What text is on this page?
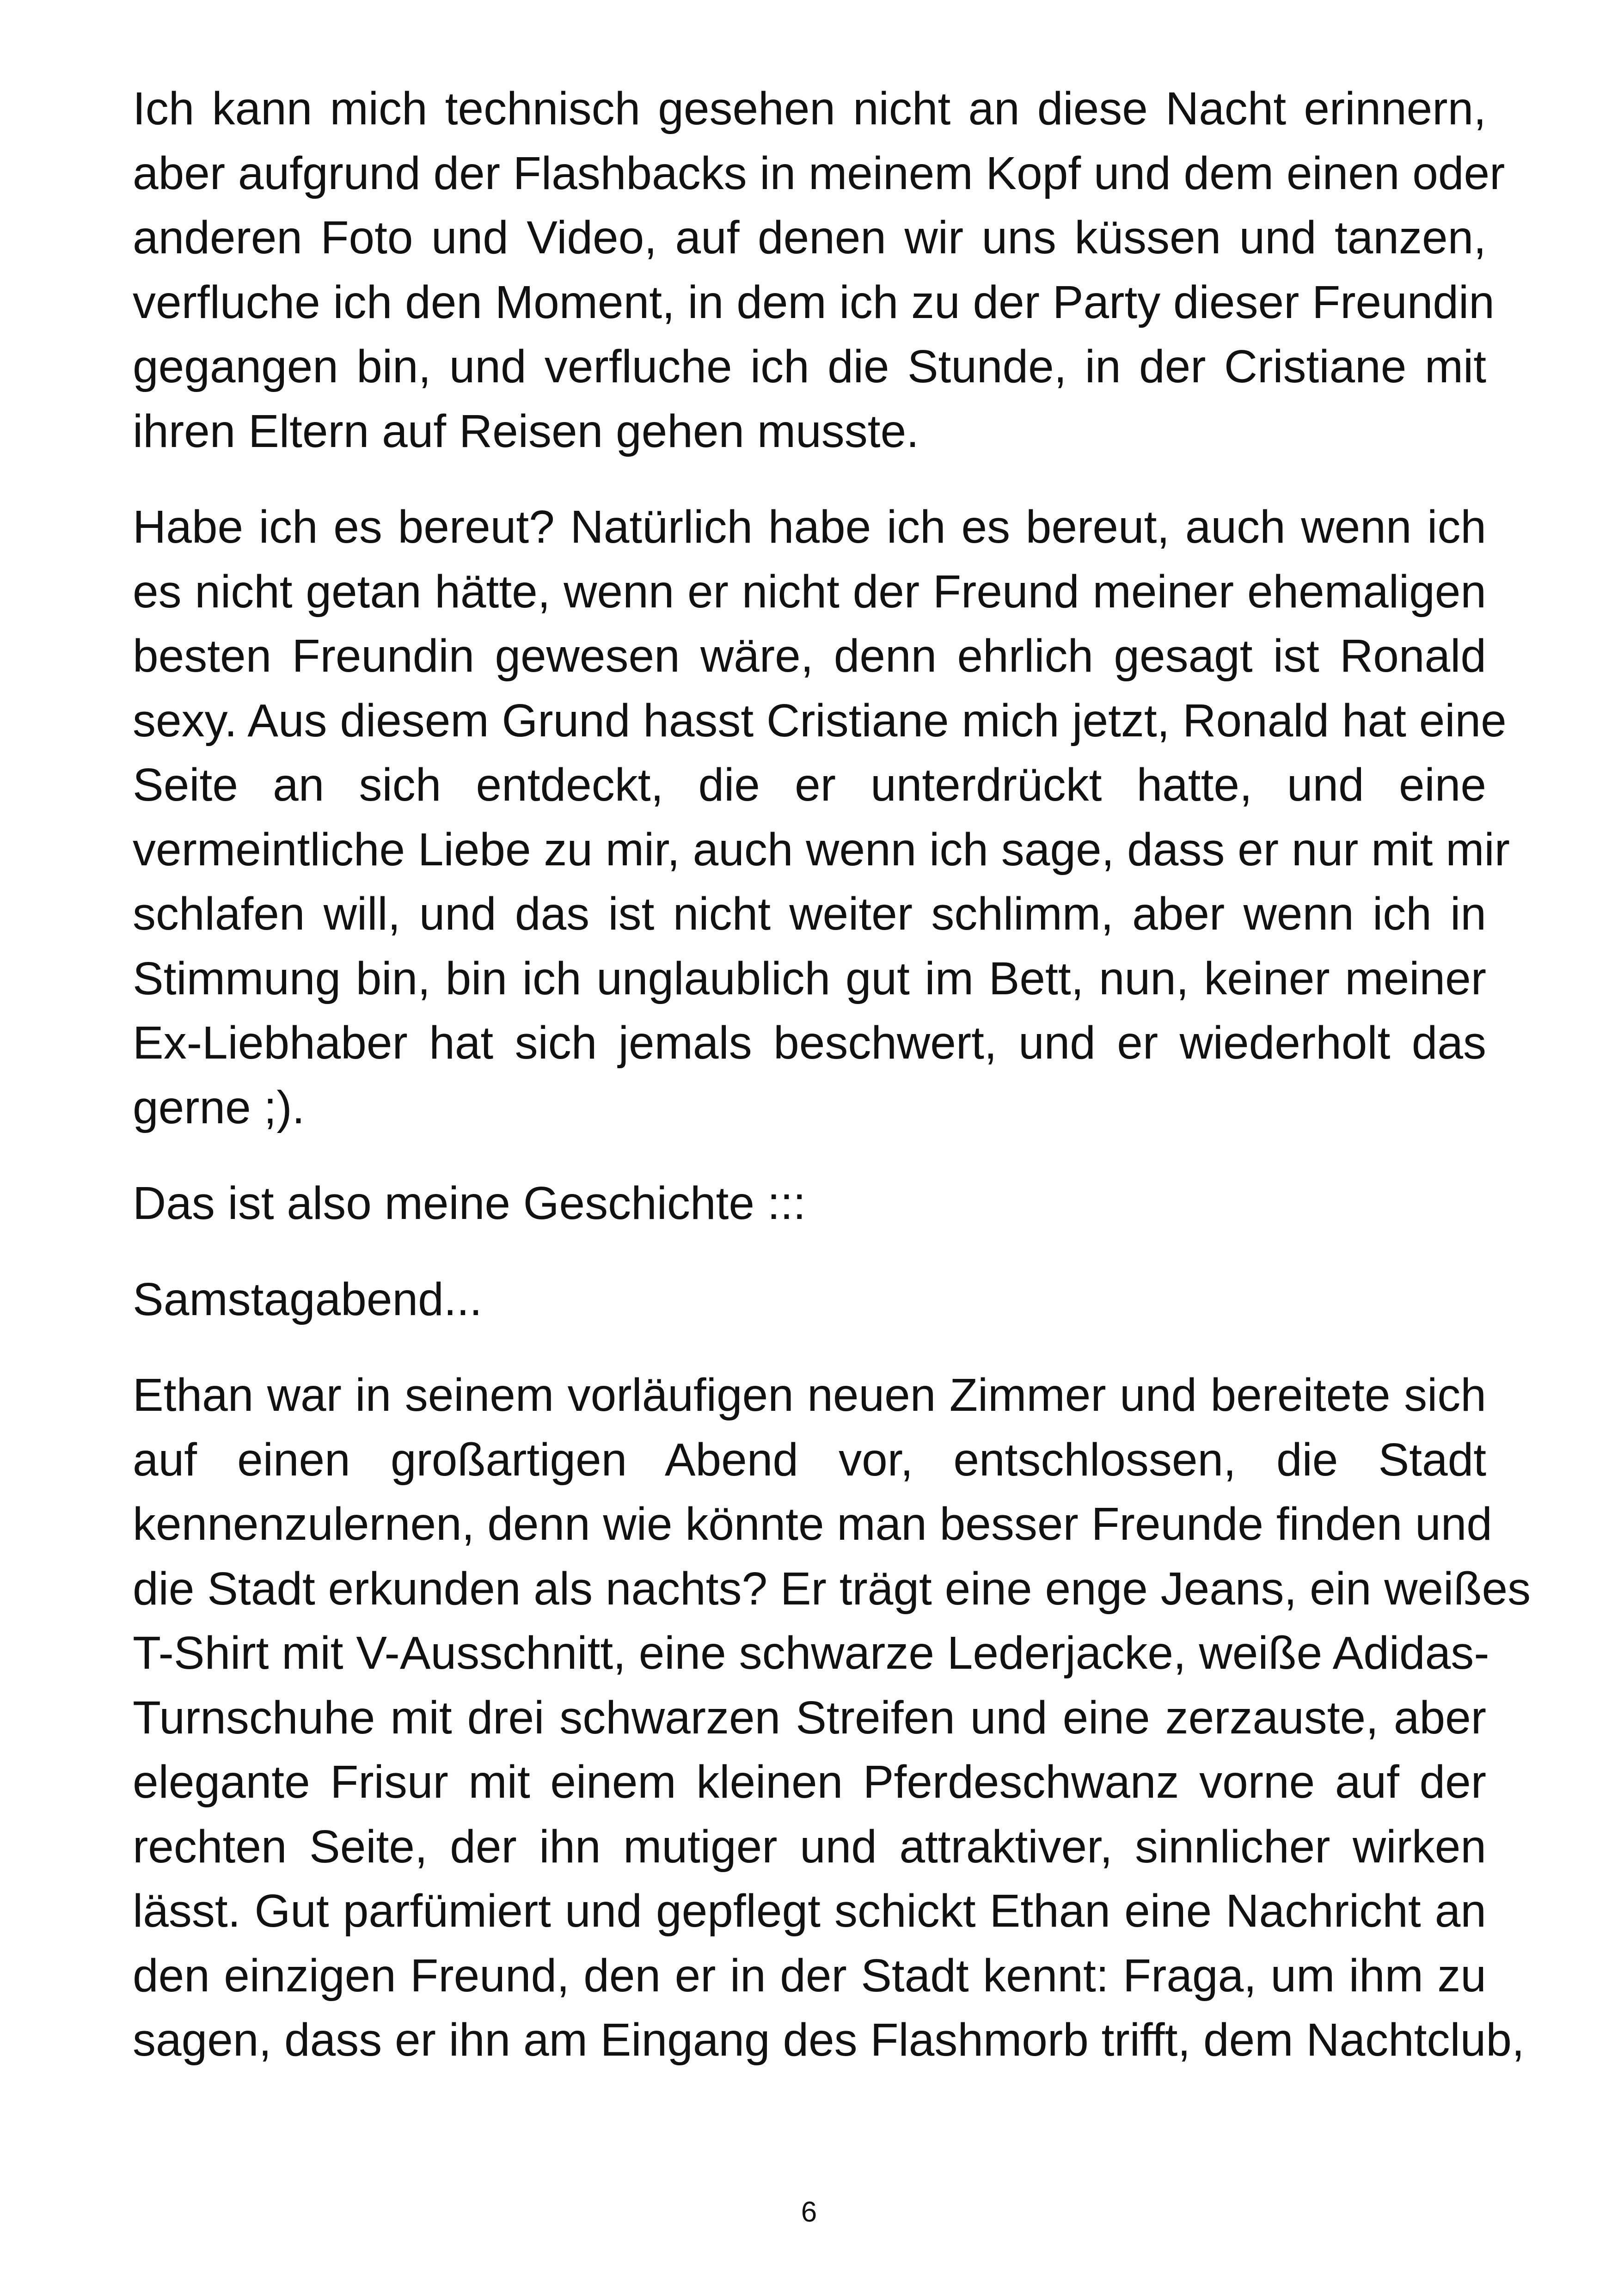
Ich kann mich technisch gesehen nicht an diese Nacht erinnern,
aber aufgrund der Flashbacks in meinem Kopf und dem einen oder
anderen Foto und Video, auf denen wir uns küssen und tanzen,
verfluche ich den Moment, in dem ich zu der Party dieser Freundin
gegangen bin, und verfluche ich die Stunde, in der Cristiane mit
ihren Eltern auf Reisen gehen musste.
Habe ich es bereut? Natürlich habe ich es bereut, auch wenn ich
es nicht getan hätte, wenn er nicht der Freund meiner ehemaligen
besten Freundin gewesen wäre, denn ehrlich gesagt ist Ronald
sexy. Aus diesem Grund hasst Cristiane mich jetzt, Ronald hat eine
Seite an sich entdeckt, die er unterdrückt hatte, und eine
vermeintliche Liebe zu mir, auch wenn ich sage, dass er nur mit mir
schlafen will, und das ist nicht weiter schlimm, aber wenn ich in
Stimmung bin, bin ich unglaublich gut im Bett, nun, keiner meiner
Ex-Liebhaber hat sich jemals beschwert, und er wiederholt das
gerne ;).
Das ist also meine Geschichte :::
Samstagabend...
Ethan war in seinem vorläufigen neuen Zimmer und bereitete sich
auf einen großartigen Abend vor, entschlossen, die Stadt
kennenzulernen, denn wie könnte man besser Freunde finden und
die Stadt erkunden als nachts? Er trägt eine enge Jeans, ein weißes
T-Shirt mit V-Ausschnitt, eine schwarze Lederjacke, weiße Adidas-
Turnschuhe mit drei schwarzen Streifen und eine zerzauste, aber
elegante Frisur mit einem kleinen Pferdeschwanz vorne auf der
rechten Seite, der ihn mutiger und attraktiver, sinnlicher wirken
lässt. Gut parfümiert und gepflegt schickt Ethan eine Nachricht an
den einzigen Freund, den er in der Stadt kennt: Fraga, um ihm zu
sagen, dass er ihn am Eingang des Flashmorb trifft, dem Nachtclub,
6
